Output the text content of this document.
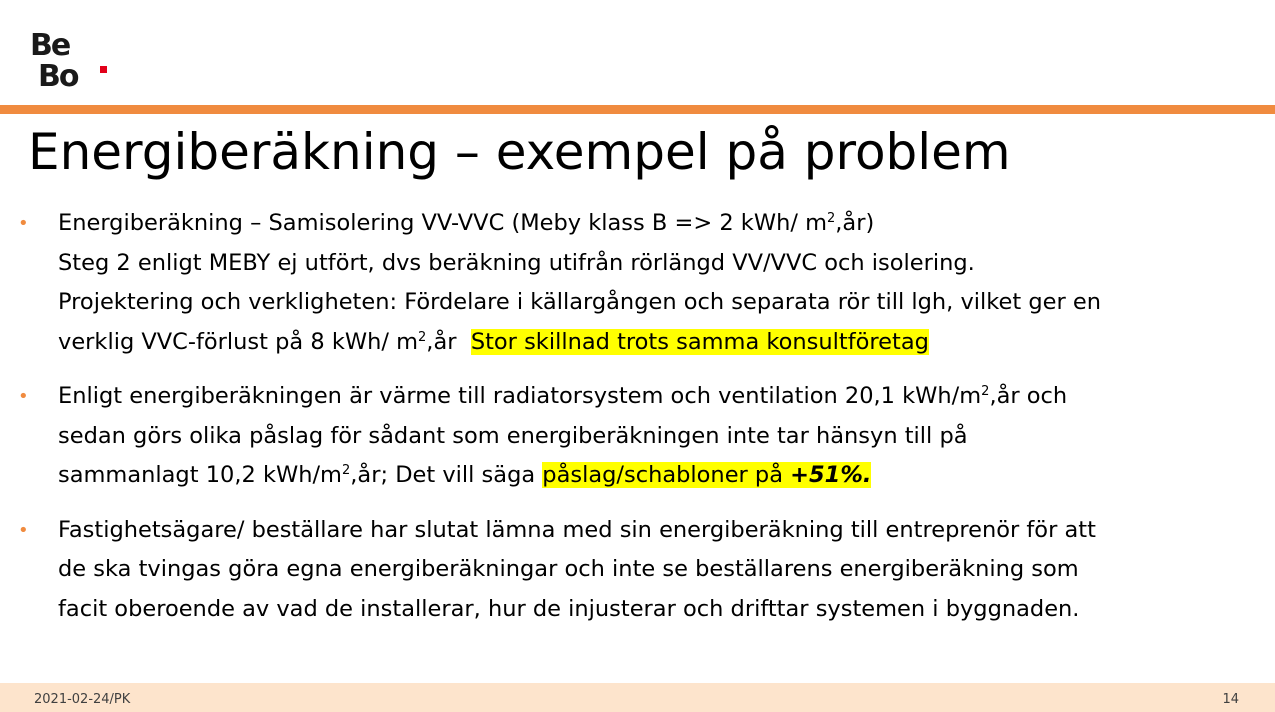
Be
Bo
Energiberäkning – exempel på problem
• Energiberäkning – Samisolering VV-VVC (Meby klass B => 2 kWh/ $m^2,år$)
Steg 2 enligt MEBY ej utfört, dvs beräkning utifrån rörlängd VV/VVC och isolering.
Projektering och verkligheten: Fördelare i källargången och separata rör till lgh, vilket ger en
verklig VVC-förlust på 8 kWh/ $m^2,år$ Stor skillnad trots samma konsultföretag
• Enligt energiberäkningen är värme till radiatorsystem och ventilation 20,1 kWh/$m^2,år$ och
sedan görs olika påslag för sådant som energiberäkningen inte tar hänsyn till på
sammanlagt 10,2 kWh/$m^2,år$; Det vill säga påslag/schabloner på +51%.
• Fastighetsägare/ beställare har slutat lämna med sin energiberäkning till entreprenör för att
de ska tvingas göra egna energiberäkningar och inte se beställarens energiberäkning som
facit oberoende av vad de installerar, hur de injusterar och drifttar systemen i byggnaden.
2021-02-24/PK	14
